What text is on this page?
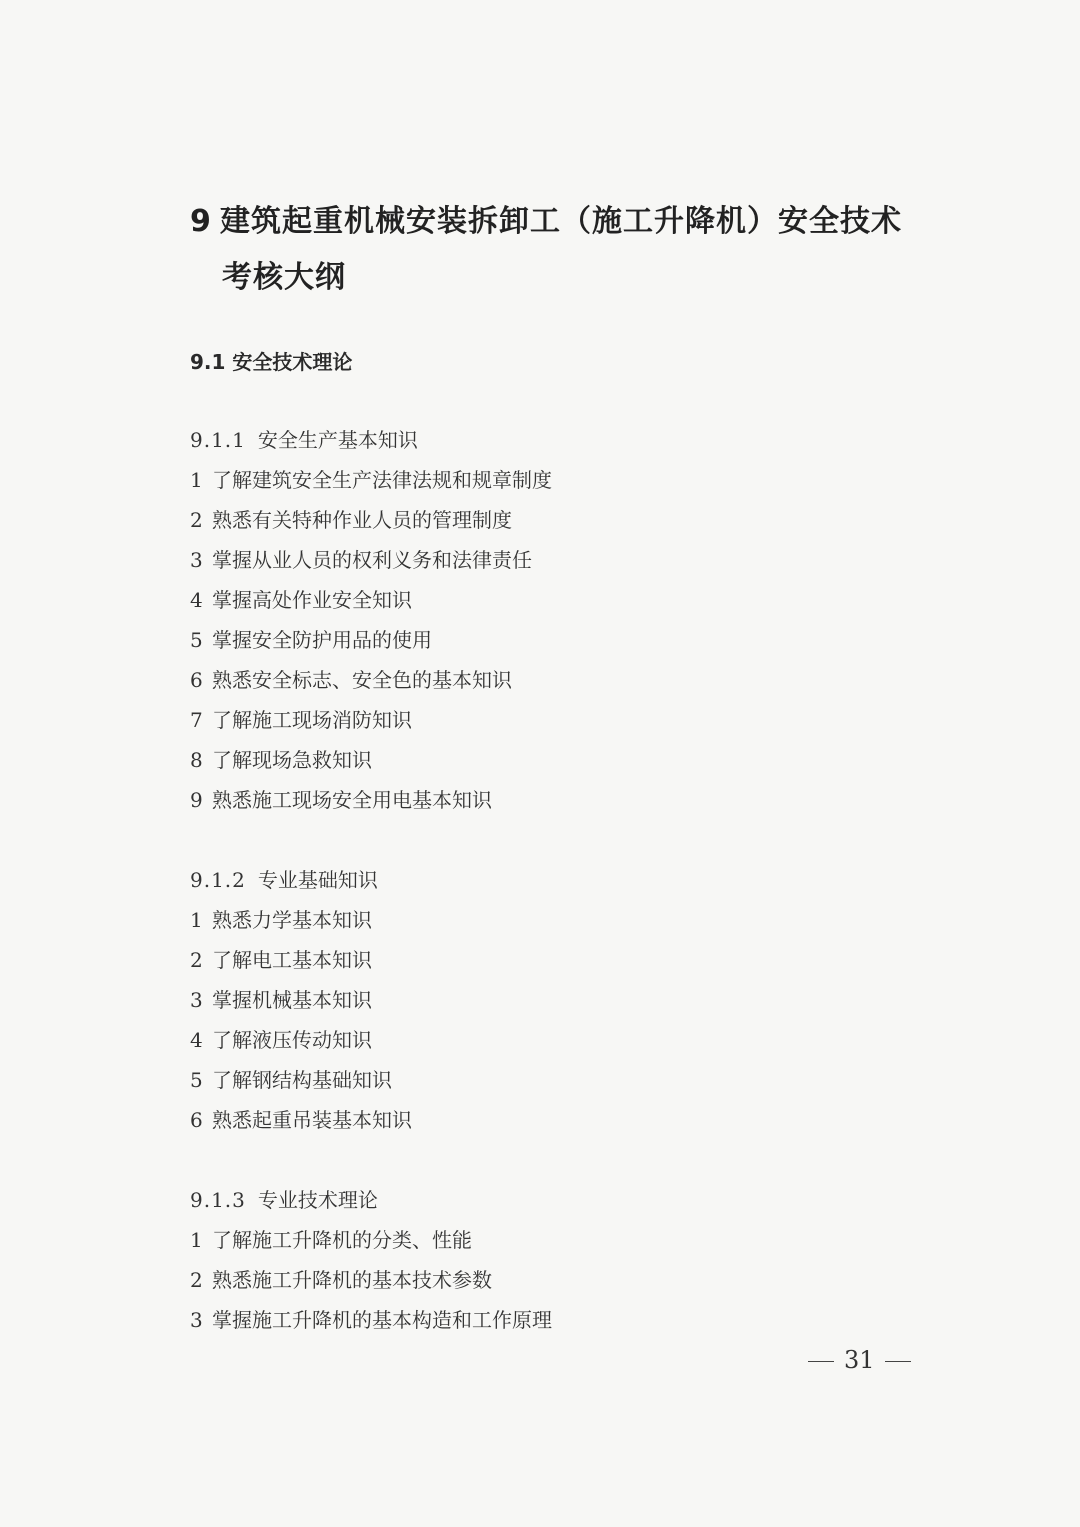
9 建筑起重机械安装拆卸工（施工升降机）安全技术
考核大纲
9.1 安全技术理论
9.1.1 安全生产基本知识
1 了解建筑安全生产法律法规和规章制度
2 熟悉有关特种作业人员的管理制度
3 掌握从业人员的权利义务和法律责任
4 掌握高处作业安全知识
5 掌握安全防护用品的使用
6 熟悉安全标志、安全色的基本知识
7 了解施工现场消防知识
8 了解现场急救知识
9 熟悉施工现场安全用电基本知识
9.1.2 专业基础知识
1 熟悉力学基本知识
2 了解电工基本知识
3 掌握机械基本知识
4 了解液压传动知识
5 了解钢结构基础知识
6 熟悉起重吊装基本知识
9.1.3 专业技术理论
1 了解施工升降机的分类、性能
2 熟悉施工升降机的基本技术参数
3 掌握施工升降机的基本构造和工作原理
31
